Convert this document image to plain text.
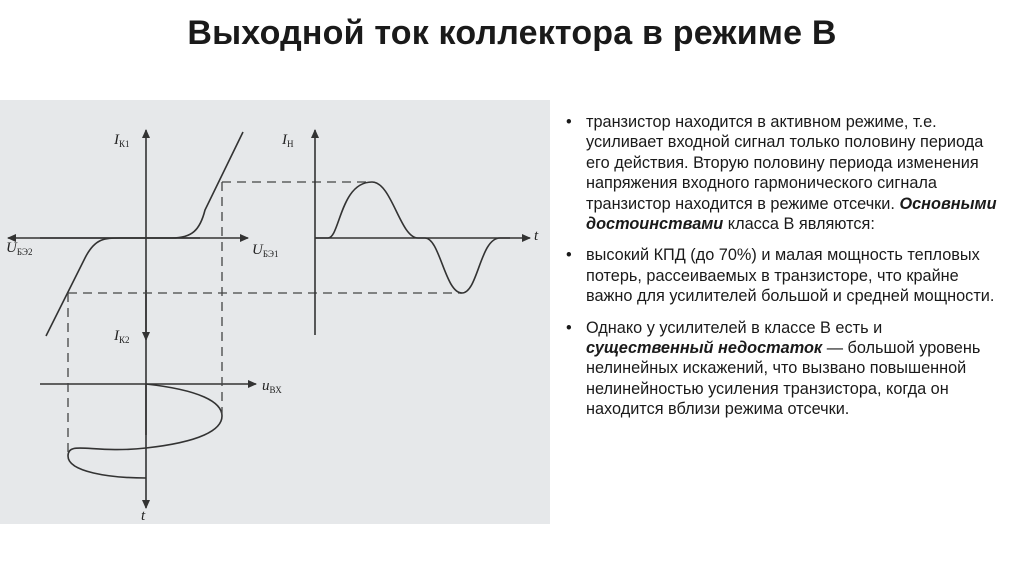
Выходной ток коллектора в режиме В
$I_{К1}$
$I_{К2}$
$U_{БЭ2}$	$U_{БЭ1}$
$I_Н$
t
$u_{ВХ}$
t
• транзистор находится в активном режиме, т.е. усиливает входной сигнал только половину периода его действия. Вторую половину периода изменения напряжения входного гармонического сигнала транзистор находится в режиме отсечки. Основными достоинствами класса В являются:
• высокий КПД (до 70%) и малая мощность тепловых потерь, рассеиваемых в транзисторе, что крайне важно для усилителей большой и средней мощности.
• Однако у усилителей в классе В есть и существенный недостаток — большой уровень нелинейных искажений, что вызвано повышенной нелинейностью усиления транзистора, когда он находится вблизи режима отсечки.
